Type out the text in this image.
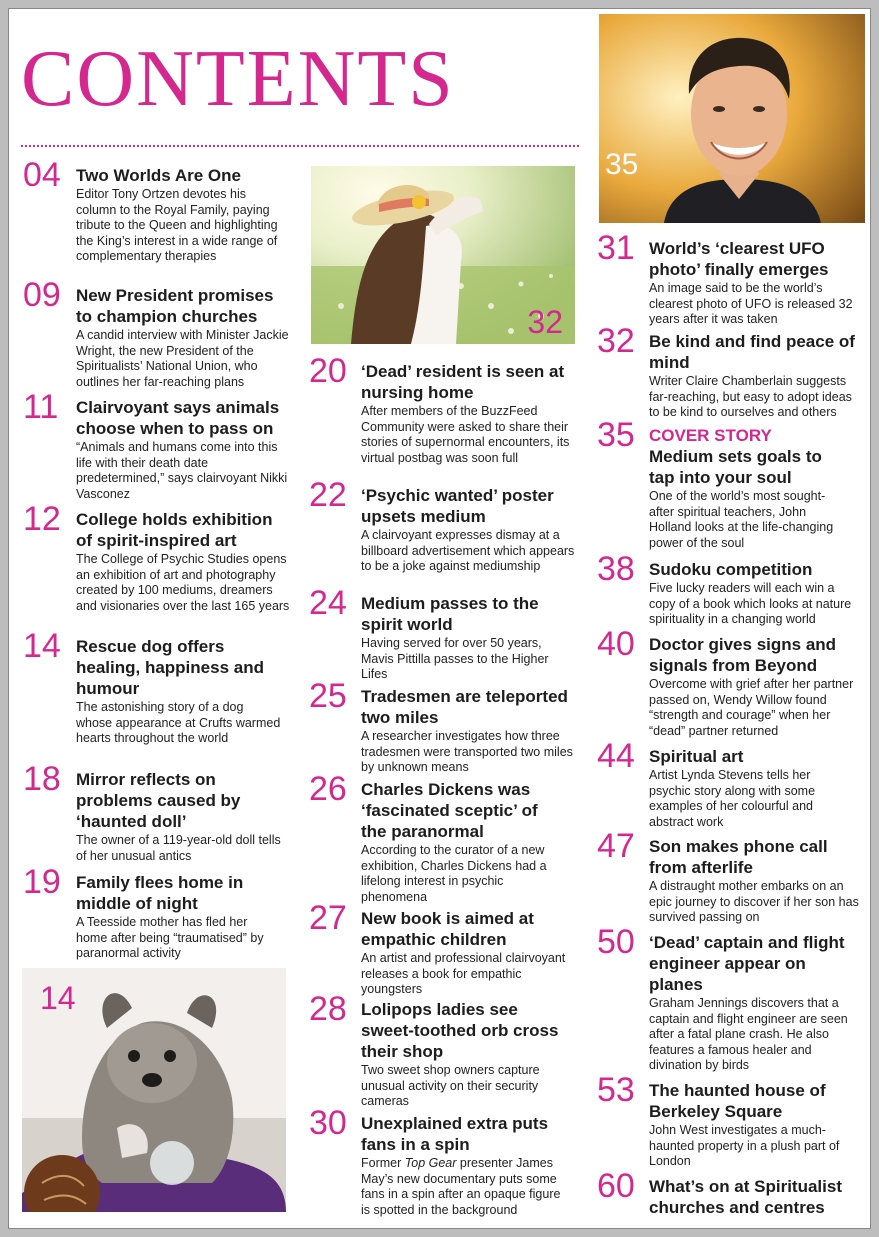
CONTENTS
32
35
14
04 Two Worlds Are One
Editor Tony Ortzen devotes his column to the Royal Family, paying tribute to the Queen and highlighting the King’s interest in a wide range of complementary therapies
09 New President promises to champion churches
A candid interview with Minister Jackie Wright, the new President of the Spiritualists’ National Union, who outlines her far-reaching plans
11 Clairvoyant says animals choose when to pass on
“Animals and humans come into this life with their death date predetermined,” says clairvoyant Nikki Vasconez
12 College holds exhibition of spirit-inspired art
The College of Psychic Studies opens an exhibition of art and photography created by 100 mediums, dreamers and visionaries over the last 165 years
14 Rescue dog offers healing, happiness and humour
The astonishing story of a dog whose appearance at Crufts warmed hearts throughout the world
18 Mirror reflects on problems caused by ‘haunted doll’
The owner of a 119-year-old doll tells of her unusual antics
19 Family flees home in middle of night
A Teesside mother has fled her home after being “traumatised” by paranormal activity
20 ‘Dead’ resident is seen at nursing home
After members of the BuzzFeed Community were asked to share their stories of supernormal encounters, its virtual postbag was soon full
22 ‘Psychic wanted’ poster upsets medium
A clairvoyant expresses dismay at a billboard advertisement which appears to be a joke against mediumship
24 Medium passes to the spirit world
Having served for over 50 years, Mavis Pittilla passes to the Higher Lifes
25 Tradesmen are teleported two miles
A researcher investigates how three tradesmen were transported two miles by unknown means
26 Charles Dickens was ‘fascinated sceptic’ of the paranormal
According to the curator of a new exhibition, Charles Dickens had a lifelong interest in psychic phenomena
27 New book is aimed at empathic children
An artist and professional clairvoyant releases a book for empathic youngsters
28 Lolipops ladies see sweet-toothed orb cross their shop
Two sweet shop owners capture unusual activity on their security cameras
30 Unexplained extra puts fans in a spin
Former Top Gear presenter James May’s new documentary puts some fans in a spin after an opaque figure is spotted in the background
31 World’s ‘clearest UFO photo’ finally emerges
An image said to be the world’s clearest photo of UFO is released 32 years after it was taken
32 Be kind and find peace of mind
Writer Claire Chamberlain suggests far-reaching, but easy to adopt ideas to be kind to ourselves and others
35 COVER STORY
Medium sets goals to tap into your soul
One of the world’s most sought-after spiritual teachers, John Holland looks at the life-changing power of the soul
38 Sudoku competition
Five lucky readers will each win a copy of a book which looks at nature spirituality in a changing world
40 Doctor gives signs and signals from Beyond
Overcome with grief after her partner passed on, Wendy Willow found “strength and courage” when her “dead” partner returned
44 Spiritual art
Artist Lynda Stevens tells her psychic story along with some examples of her colourful and abstract work
47 Son makes phone call from afterlife
A distraught mother embarks on an epic journey to discover if her son has survived passing on
50 ‘Dead’ captain and flight engineer appear on planes
Graham Jennings discovers that a captain and flight engineer are seen after a fatal plane crash. He also features a famous healer and divination by birds
53 The haunted house of Berkeley Square
John West investigates a much-haunted property in a plush part of London
60 What’s on at Spiritualist churches and centres
